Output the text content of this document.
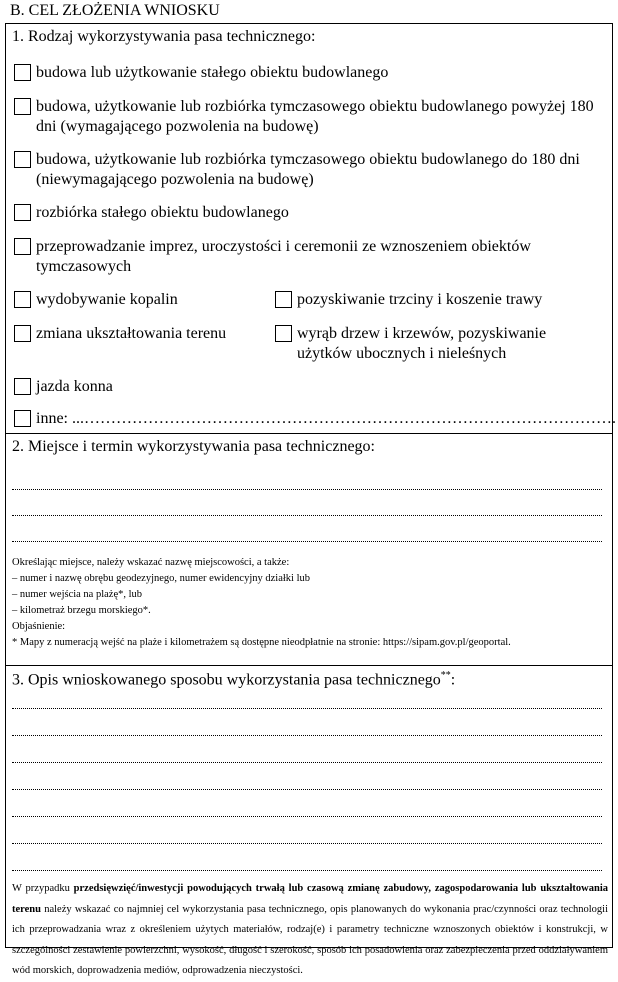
B. CEL ZŁOŻENIA WNIOSKU
1. Rodzaj wykorzystywania pasa technicznego:
budowa lub użytkowanie stałego obiektu budowlanego
budowa, użytkowanie lub rozbiórka tymczasowego obiektu budowlanego powyżej 180 dni (wymagającego pozwolenia na budowę)
budowa, użytkowanie lub rozbiórka tymczasowego obiektu budowlanego do 180 dni (niewymagającego pozwolenia na budowę)
rozbiórka stałego obiektu budowlanego
przeprowadzanie imprez, uroczystości i ceremonii ze wznoszeniem obiektów tymczasowych
wydobywanie kopalin	pozyskiwanie trzciny i koszenie trawy
zmiana ukształtowania terenu	wyrąb drzew i krzewów, pozyskiwanie użytków ubocznych i nieleśnych
jazda konna
inne: ...……………………………………………………………………………………….
2. Miejsce i termin wykorzystywania pasa technicznego:
Określając miejsce, należy wskazać nazwę miejscowości, a także:
– numer i nazwę obrębu geodezyjnego, numer ewidencyjny działki lub
– numer wejścia na plażę*, lub
– kilometraż brzegu morskiego*.
Objaśnienie:
* Mapy z numeracją wejść na plaże i kilometrażem są dostępne nieodpłatnie na stronie: https://sipam.gov.pl/geoportal.
3. Opis wnioskowanego sposobu wykorzystania pasa technicznego**:
W przypadku przedsięwzięć/inwestycji powodujących trwałą lub czasową zmianę zabudowy, zagospodarowania lub ukształtowania terenu należy wskazać co najmniej cel wykorzystania pasa technicznego, opis planowanych do wykonania prac/czynności oraz technologii ich przeprowadzania wraz z określeniem użytych materiałów, rodzaj(e) i parametry techniczne wznoszonych obiektów i konstrukcji, w szczególności zestawienie powierzchni, wysokość, długość i szerokość, sposób ich posadowienia oraz zabezpieczenia przed oddziaływaniem wód morskich, doprowadzenia mediów, odprowadzenia nieczystości.
